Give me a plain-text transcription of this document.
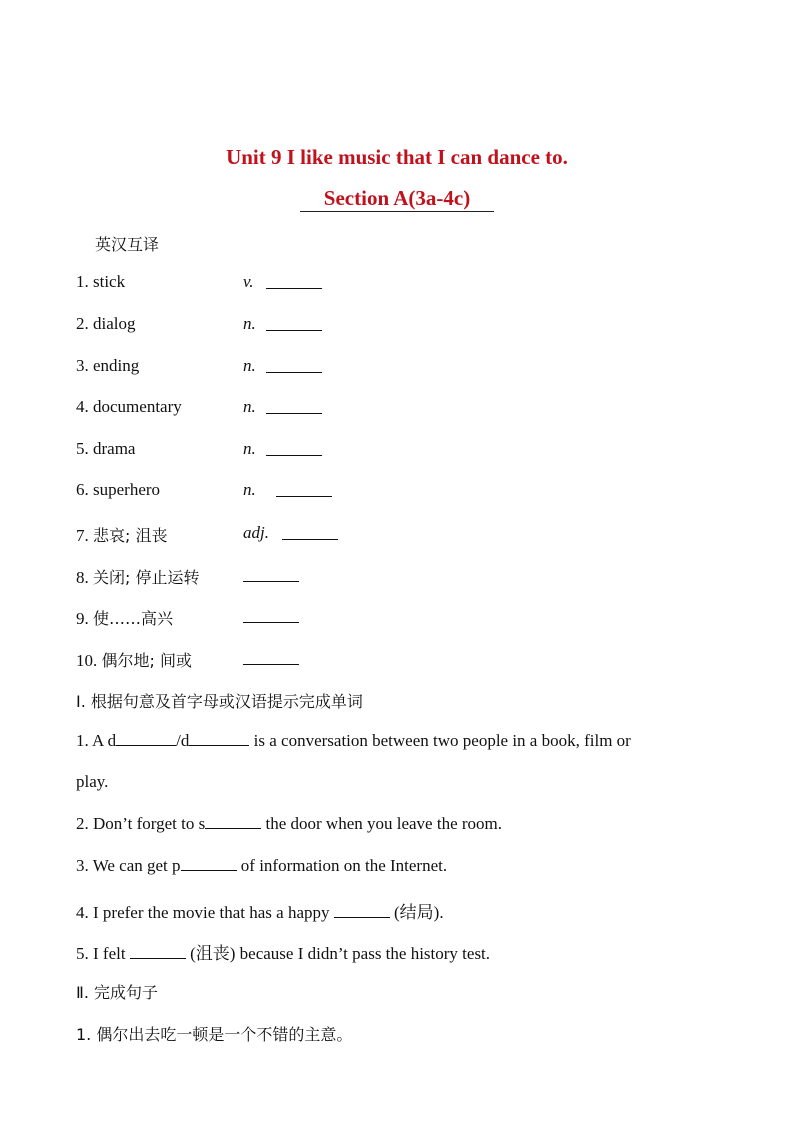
Unit 9 I like music that I can dance to.
Section A(3a-4c)
英汉互译
1. stick	v.
2. dialog	n.
3. ending	n.
4. documentary	n.
5. drama	n.
6. superhero	n.
7. 悲哀; 沮丧	adj.
8. 关闭; 停止运转
9. 使……高兴
10. 偶尔地; 间或
Ⅰ. 根据句意及首字母或汉语提示完成单词
1. A d	/d	is a conversation between two people in a book, film or
play.
2. Don’t forget to s	the door when you leave the room.
3. We can get p	of information on the Internet.
4. I prefer the movie that has a happy	(结局).
5. I felt	(沮丧) because I didn’t pass the history test.
Ⅱ. 完成句子
1. 偶尔出去吃一顿是一个不错的主意。
